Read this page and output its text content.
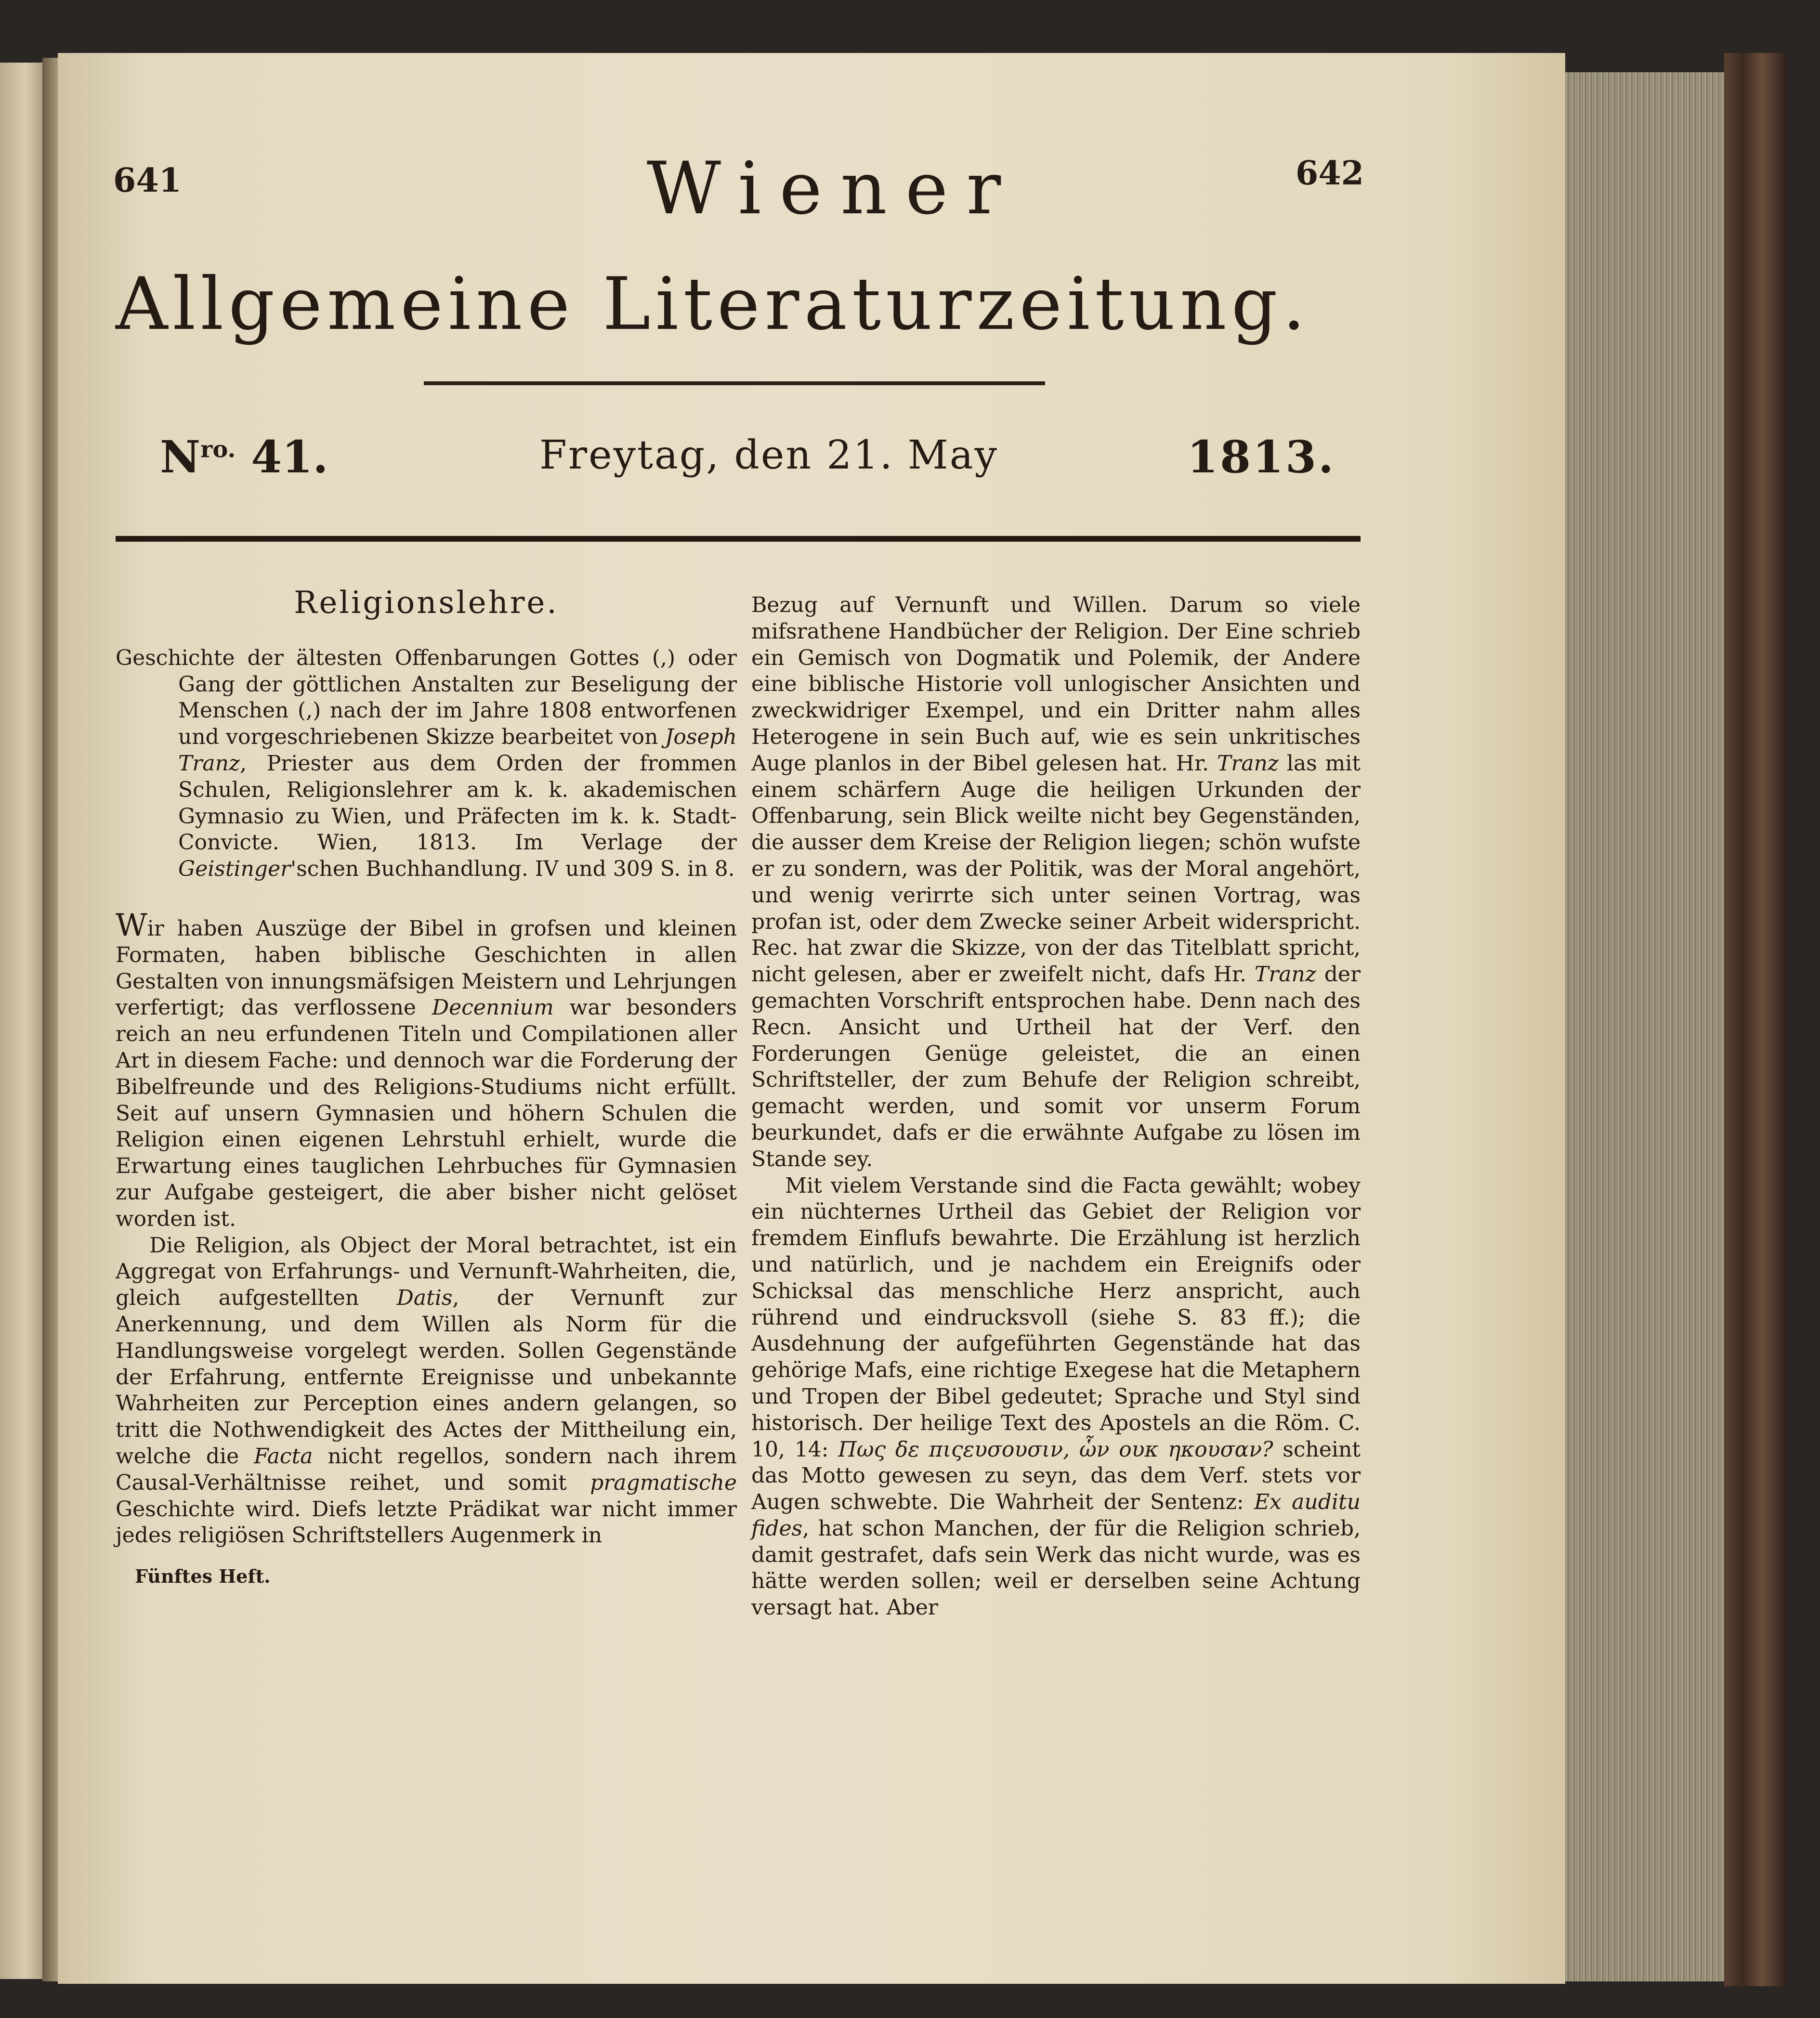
641	642
Wiener
Allgemeine Literaturzeitung.
$N^{ro.}$ 41.	Freytag, den 21. May	1813.

Religionslehre.

Geschichte der ältesten Offenbarungen Gottes (,) oder Gang der göttlichen Anstalten zur Beseligung der Menschen (,) nach der im Jahre 1808 entworfenen und vorgeschriebenen Skizze bearbeitet von Joseph Tranz, Priester aus dem Orden der frommen Schulen, Religionslehrer am k. k. akademischen Gymnasio zu Wien, und Präfecten im k. k. Stadt-Convicte. Wien, 1813. Im Verlage der Geistinger'schen Buchhandlung. IV und 309 S. in 8.

Wir haben Auszüge der Bibel in grofsen und kleinen Formaten, haben biblische Geschichten in allen Gestalten von innungsmäfsigen Meistern und Lehrjungen verfertigt; das verflossene Decennium war besonders reich an neu erfundenen Titeln und Compilationen aller Art in diesem Fache: und dennoch war die Forderung der Bibelfreunde und des Religions-Studiums nicht erfüllt. Seit auf unsern Gymnasien und höhern Schulen die Religion einen eigenen Lehrstuhl erhielt, wurde die Erwartung eines tauglichen Lehrbuches für Gymnasien zur Aufgabe gesteigert, die aber bisher nicht gelöset worden ist.

Die Religion, als Object der Moral betrachtet, ist ein Aggregat von Erfahrungs- und Vernunft-Wahrheiten, die, gleich aufgestellten Datis, der Vernunft zur Anerkennung, und dem Willen als Norm für die Handlungsweise vorgelegt werden. Sollen Gegenstände der Erfahrung, entfernte Ereignisse und unbekannte Wahrheiten zur Perception eines andern gelangen, so tritt die Nothwendigkeit des Actes der Mittheilung ein, welche die Facta nicht regellos, sondern nach ihrem Causal-Verhältnisse reihet, und somit pragmatische Geschichte wird. Diefs letzte Prädikat war nicht immer jedes religiösen Schriftstellers Augenmerk in

Fünftes Heft.

Bezug auf Vernunft und Willen. Darum so viele mifsrathene Handbücher der Religion. Der Eine schrieb ein Gemisch von Dogmatik und Polemik, der Andere eine biblische Historie voll unlogischer Ansichten und zweckwidriger Exempel, und ein Dritter nahm alles Heterogene in sein Buch auf, wie es sein unkritisches Auge planlos in der Bibel gelesen hat. Hr. Tranz las mit einem schärfern Auge die heiligen Urkunden der Offenbarung, sein Blick weilte nicht bey Gegenständen, die ausser dem Kreise der Religion liegen; schön wufste er zu sondern, was der Politik, was der Moral angehört, und wenig verirrte sich unter seinen Vortrag, was profan ist, oder dem Zwecke seiner Arbeit widerspricht. Rec. hat zwar die Skizze, von der das Titelblatt spricht, nicht gelesen, aber er zweifelt nicht, dafs Hr. Tranz der gemachten Vorschrift entsprochen habe. Denn nach des Recn. Ansicht und Urtheil hat der Verf. den Forderungen Genüge geleistet, die an einen Schriftsteller, der zum Behufe der Religion schreibt, gemacht werden, und somit vor unserm Forum beurkundet, dafs er die erwähnte Aufgabe zu lösen im Stande sey.

Mit vielem Verstande sind die Facta gewählt; wobey ein nüchternes Urtheil das Gebiet der Religion vor fremdem Einflufs bewahrte. Die Erzählung ist herzlich und natürlich, und je nachdem ein Ereignifs oder Schicksal das menschliche Herz anspricht, auch rührend und eindrucksvoll (siehe S. 83 ff.); die Ausdehnung der aufgeführten Gegenstände hat das gehörige Mafs, eine richtige Exegese hat die Metaphern und Tropen der Bibel gedeutet; Sprache und Styl sind historisch. Der heilige Text des Apostels an die Röm. C. 10, 14: Πως δε πιςευσουσιν, ὧν ουκ ηκουσαν? scheint das Motto gewesen zu seyn, das dem Verf. stets vor Augen schwebte. Die Wahrheit der Sentenz: Ex auditu fides, hat schon Manchen, der für die Religion schrieb, damit gestrafet, dafs sein Werk das nicht wurde, was es hätte werden sollen; weil er derselben seine Achtung versagt hat. Aber
